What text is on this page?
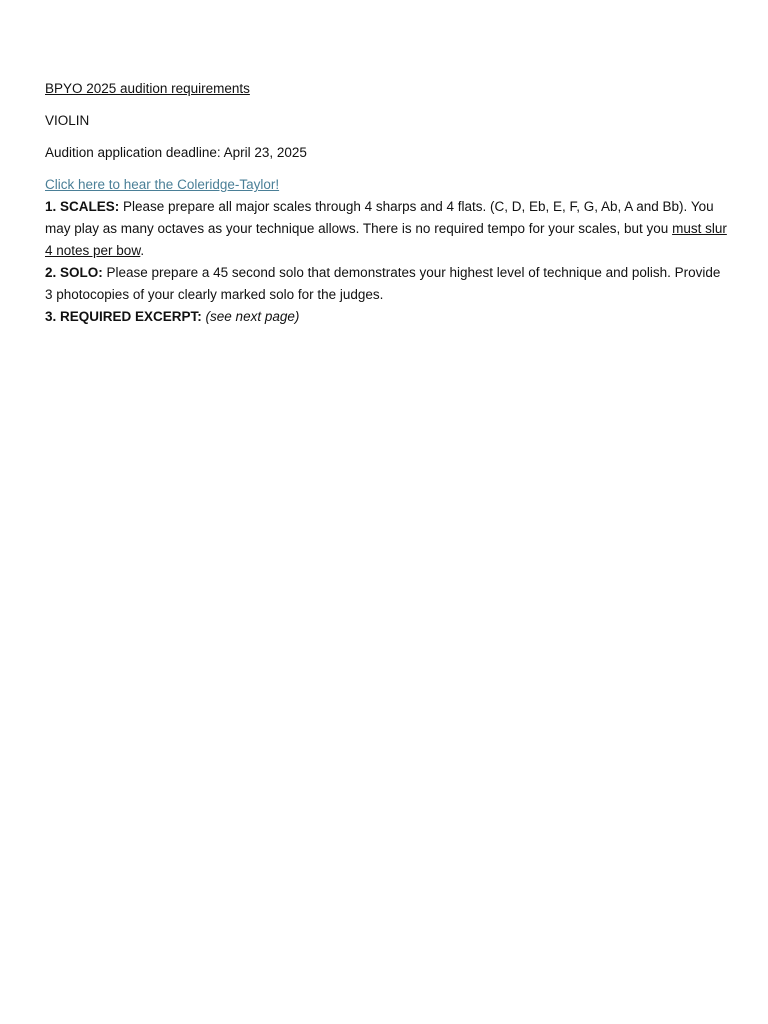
BPYO 2025 audition requirements

VIOLIN

Audition application deadline: April 23, 2025

Click here to hear the Coleridge-Taylor!

1. SCALES: Please prepare all major scales through 4 sharps and 4 flats. (C, D, Eb, E, F, G, Ab, A and Bb). You may play as many octaves as your technique allows. There is no required tempo for your scales, but you must slur 4 notes per bow.

2. SOLO: Please prepare a 45 second solo that demonstrates your highest level of technique and polish. Provide 3 photocopies of your clearly marked solo for the judges.

3. REQUIRED EXCERPT: (see next page)
